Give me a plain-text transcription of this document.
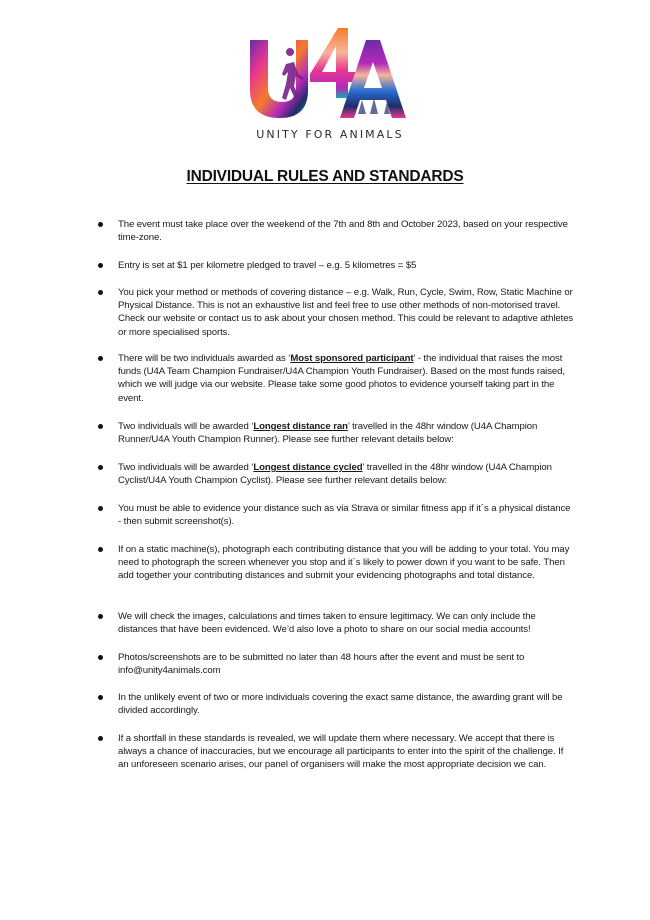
UNITY FOR ANIMALS
INDIVIDUAL RULES AND STANDARDS
The event must take place over the weekend of the 7th and 8th and October 2023, based on your respective time-zone.
Entry is set at $1 per kilometre pledged to travel – e.g. 5 kilometres = $5
You pick your method or methods of covering distance – e.g. Walk, Run, Cycle, Swim, Row, Static Machine or Physical Distance. This is not an exhaustive list and feel free to use other methods of non-motorised travel. Check our website or contact us to ask about your chosen method. This could be relevant to adaptive athletes or more specialised sports.
There will be two individuals awarded as ‘Most sponsored participant’ - the individual that raises the most funds (U4A Team Champion Fundraiser/U4A Champion Youth Fundraiser). Based on the most funds raised, which we will judge via our website. Please take some good photos to evidence yourself taking part in the event.
Two individuals will be awarded ‘Longest distance ran’ travelled in the 48hr window (U4A Champion Runner/U4A Youth Champion Runner). Please see further relevant details below:
Two individuals will be awarded ‘Longest distance cycled’ travelled in the 48hr window (U4A Champion Cyclist/U4A Youth Champion Cyclist). Please see further relevant details below:
You must be able to evidence your distance such as via Strava or similar fitness app if it´s a physical distance - then submit screenshot(s).
If on a static machine(s), photograph each contributing distance that you will be adding to your total. You may need to photograph the screen whenever you stop and it´s likely to power down if you want to be safe. Then add together your contributing distances and submit your evidencing photographs and total distance.
We will check the images, calculations and times taken to ensure legitimacy. We can only include the distances that have been evidenced. We’d also love a photo to share on our social media accounts!
Photos/screenshots are to be submitted no later than 48 hours after the event and must be sent to info@unity4animals.com
In the unlikely event of two or more individuals covering the exact same distance, the awarding grant will be divided accordingly.
If a shortfall in these standards is revealed, we will update them where necessary. We accept that there is always a chance of inaccuracies, but we encourage all participants to enter into the spirit of the challenge. If an unforeseen scenario arises, our panel of organisers will make the most appropriate decision we can.
